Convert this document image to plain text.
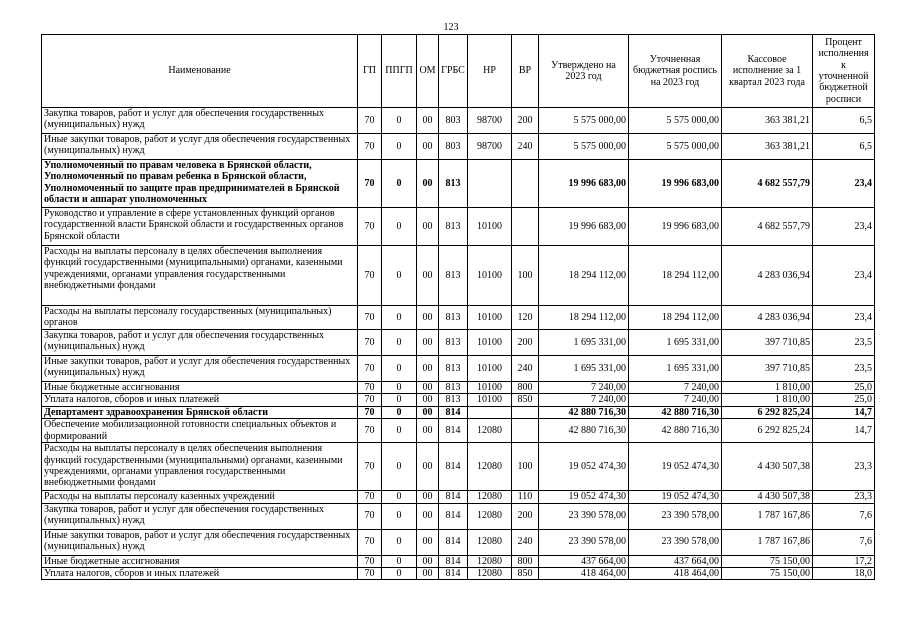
123
Наименование	ГП	ППГП	ОМ	ГРБС	НР	ВР	Утверждено на 2023 год	Уточненная бюджетная роспись на 2023 год	Кассовое исполнение за 1 квартал 2023 года	Процент исполнения к уточненной бюджетной росписи
Закупка товаров, работ и услуг для обеспечения государственных (муниципальных) нужд	70	0	00	803	98700	200	5 575 000,00	5 575 000,00	363 381,21	6,5
Иные закупки товаров, работ и услуг для обеспечения государственных (муниципальных) нужд	70	0	00	803	98700	240	5 575 000,00	5 575 000,00	363 381,21	6,5
Уполномоченный по правам человека в Брянской области, Уполномоченный по правам ребенка в Брянской области, Уполномоченный по защите прав предпринимателей в Брянской области и аппарат уполномоченных	70	0	00	813			19 996 683,00	19 996 683,00	4 682 557,79	23,4
Руководство и управление в сфере установленных функций органов государственной власти Брянской области и государственных органов Брянской области	70	0	00	813	10100		19 996 683,00	19 996 683,00	4 682 557,79	23,4
Расходы на выплаты персоналу в целях обеспечения выполнения функций государственными (муниципальными) органами, казенными учреждениями, органами управления государственными внебюджетными фондами	70	0	00	813	10100	100	18 294 112,00	18 294 112,00	4 283 036,94	23,4
Расходы на выплаты персоналу государственных (муниципальных) органов	70	0	00	813	10100	120	18 294 112,00	18 294 112,00	4 283 036,94	23,4
Закупка товаров, работ и услуг для обеспечения государственных (муниципальных) нужд	70	0	00	813	10100	200	1 695 331,00	1 695 331,00	397 710,85	23,5
Иные закупки товаров, работ и услуг для обеспечения государственных (муниципальных) нужд	70	0	00	813	10100	240	1 695 331,00	1 695 331,00	397 710,85	23,5
Иные бюджетные ассигнования	70	0	00	813	10100	800	7 240,00	7 240,00	1 810,00	25,0
Уплата налогов, сборов и иных платежей	70	0	00	813	10100	850	7 240,00	7 240,00	1 810,00	25,0
Департамент здравоохранения Брянской области	70	0	00	814			42 880 716,30	42 880 716,30	6 292 825,24	14,7
Обеспечение мобилизационной готовности специальных объектов и формирований	70	0	00	814	12080		42 880 716,30	42 880 716,30	6 292 825,24	14,7
Расходы на выплаты персоналу в целях обеспечения выполнения функций государственными (муниципальными) органами, казенными учреждениями, органами управления государственными внебюджетными фондами	70	0	00	814	12080	100	19 052 474,30	19 052 474,30	4 430 507,38	23,3
Расходы на выплаты персоналу казенных учреждений	70	0	00	814	12080	110	19 052 474,30	19 052 474,30	4 430 507,38	23,3
Закупка товаров, работ и услуг для обеспечения государственных (муниципальных) нужд	70	0	00	814	12080	200	23 390 578,00	23 390 578,00	1 787 167,86	7,6
Иные закупки товаров, работ и услуг для обеспечения государственных (муниципальных) нужд	70	0	00	814	12080	240	23 390 578,00	23 390 578,00	1 787 167,86	7,6
Иные бюджетные ассигнования	70	0	00	814	12080	800	437 664,00	437 664,00	75 150,00	17,2
Уплата налогов, сборов и иных платежей	70	0	00	814	12080	850	418 464,00	418 464,00	75 150,00	18,0
